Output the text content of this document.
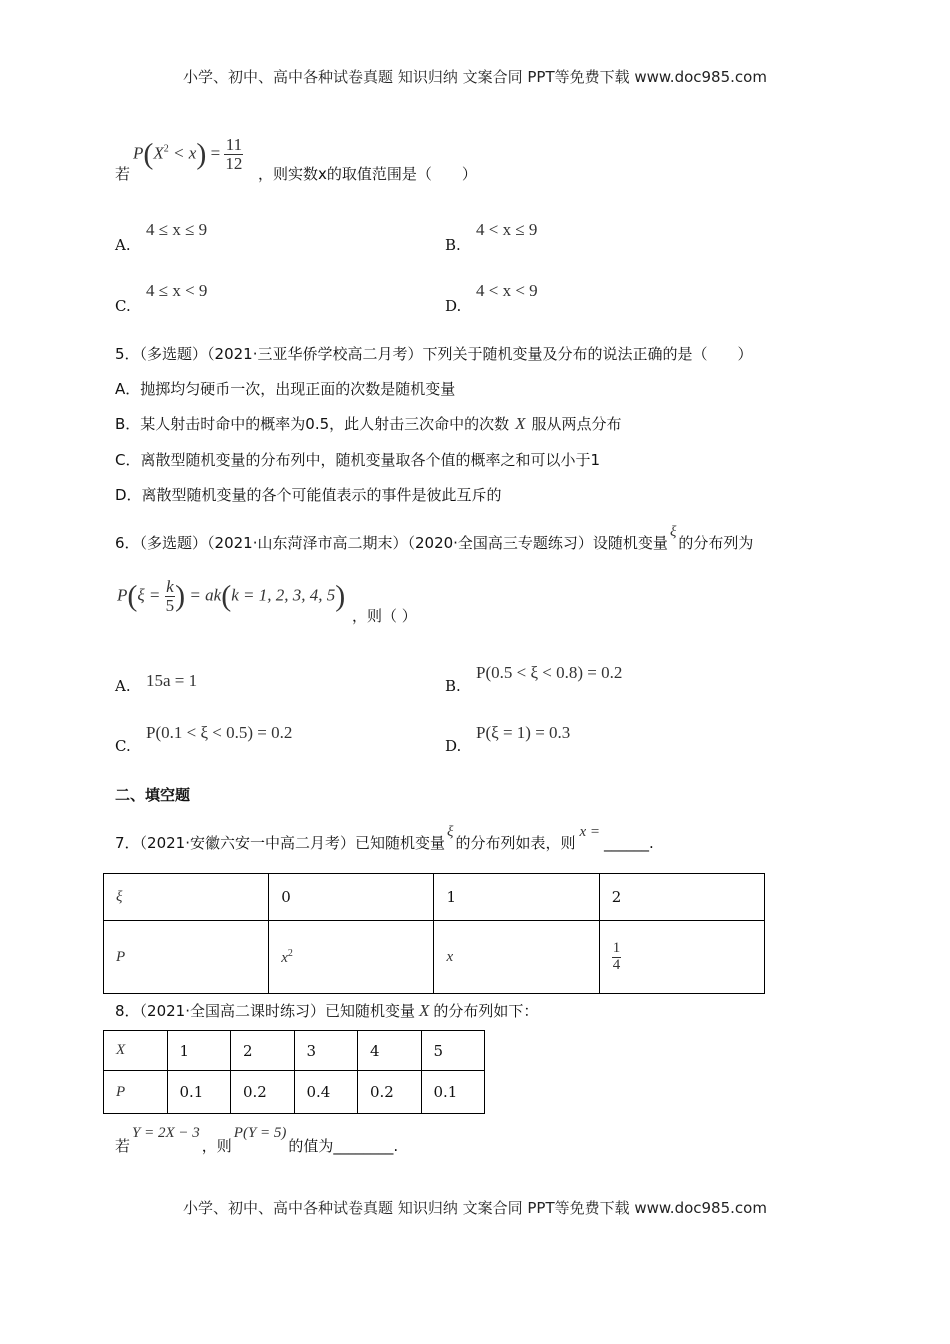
小学、初中、高中各种试卷真题 知识归纳 文案合同 PPT等免费下载 www.doc985.com
若
$P(X^2 < x) = \frac{11}{12}$
，则实数x的取值范围是（　　）
A.
4 ≤ x ≤ 9
B.
4 < x ≤ 9
C.
4 ≤ x < 9
D.
4 < x < 9
5．（多选题）（2021·三亚华侨学校高二月考）下列关于随机变量及分布的说法正确的是（　　）
A．抛掷均匀硬币一次，出现正面的次数是随机变量
B．某人射击时命中的概率为0.5，此人射击三次命中的次数 X 服从两点分布
C．离散型随机变量的分布列中，随机变量取各个值的概率之和可以小于1
D．离散型随机变量的各个可能值表示的事件是彼此互斥的
6．（多选题）（2021·山东菏泽市高二期末）（2020·全国高三专题练习）设随机变量ξ的分布列为
$P(\xi = \frac{k}{5}$ ) = ak(k = 1, 2, 3, 4, 5)
，则（ ）
A. 15a = 1	B.
P(0.5 < ξ < 0.8) = 0.2
C.
P(0.1 < ξ < 0.5) = 0.2
D.
P(ξ = 1) = 0.3
二、填空题
7．（2021·安徽六安一中高二月考）已知随机变量ξ的分布列如表，则x =______.
ξ	0	1	2
P	$x^2$	x	$\frac{1}{4}$
8．（2021·全国高二课时练习）已知随机变量 X 的分布列如下：
X	1	2	3	4	5
P	0.1	0.2	0.4	0.2	0.1
若Y = 2X − 3，则P(Y = 5)的值为________.
小学、初中、高中各种试卷真题 知识归纳 文案合同 PPT等免费下载 www.doc985.com
